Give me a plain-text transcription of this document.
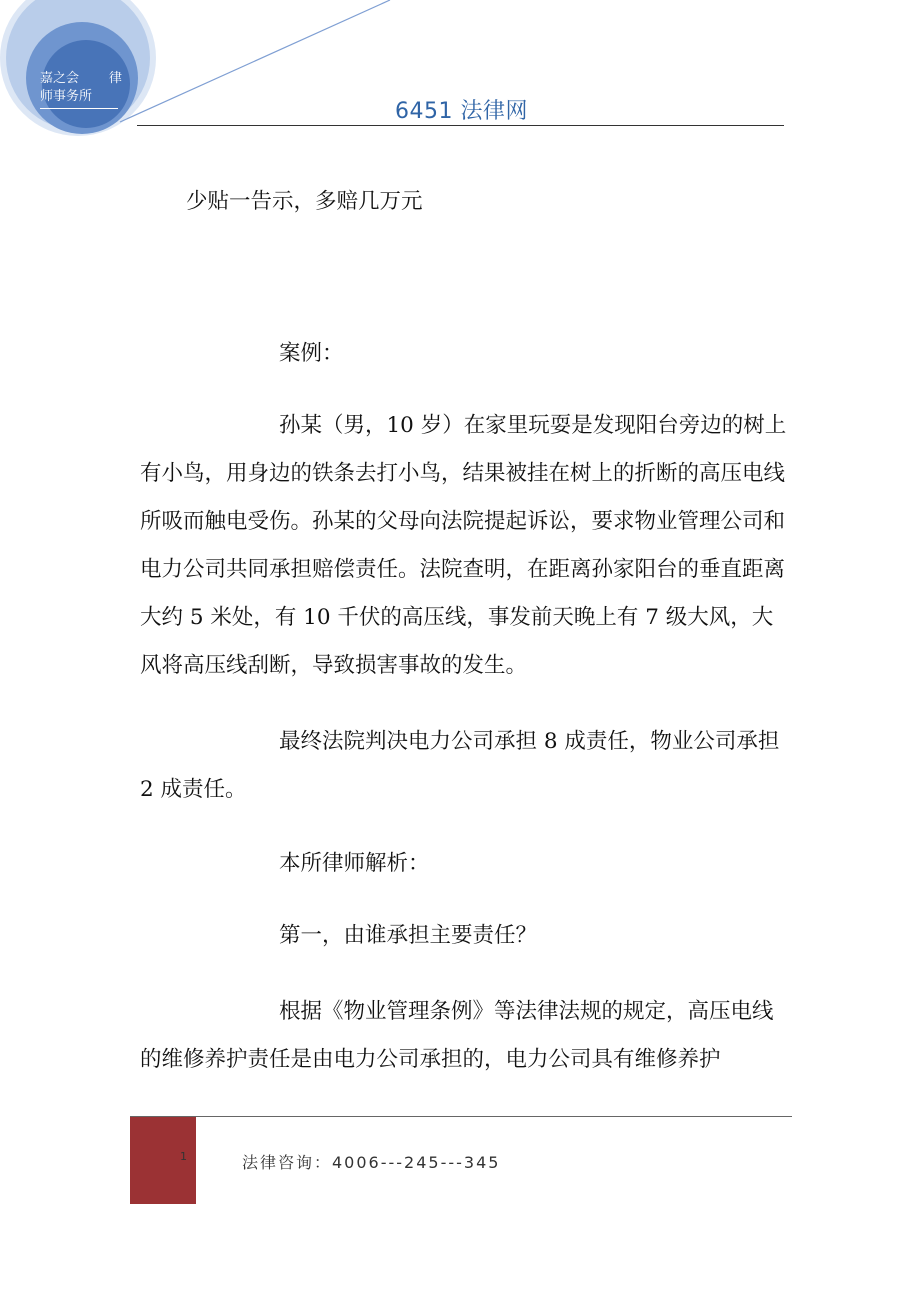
嘉之会 律
师事务所
6451 法律网

少贴一告示，多赔几万元

案例：

孙某（男，10 岁）在家里玩耍是发现阳台旁边的树上有小鸟，用身边的铁条去打小鸟，结果被挂在树上的折断的高压电线所吸而触电受伤。孙某的父母向法院提起诉讼，要求物业管理公司和电力公司共同承担赔偿责任。法院查明，在距离孙家阳台的垂直距离大约 5 米处，有 10 千伏的高压线，事发前天晚上有 7 级大风，大风将高压线刮断，导致损害事故的发生。

最终法院判决电力公司承担 8 成责任，物业公司承担 2 成责任。

本所律师解析：

第一，由谁承担主要责任？

根据《物业管理条例》等法律法规的规定，高压电线的维修养护责任是由电力公司承担的，电力公司具有维修养护

1	法律咨询：4006---245---345
